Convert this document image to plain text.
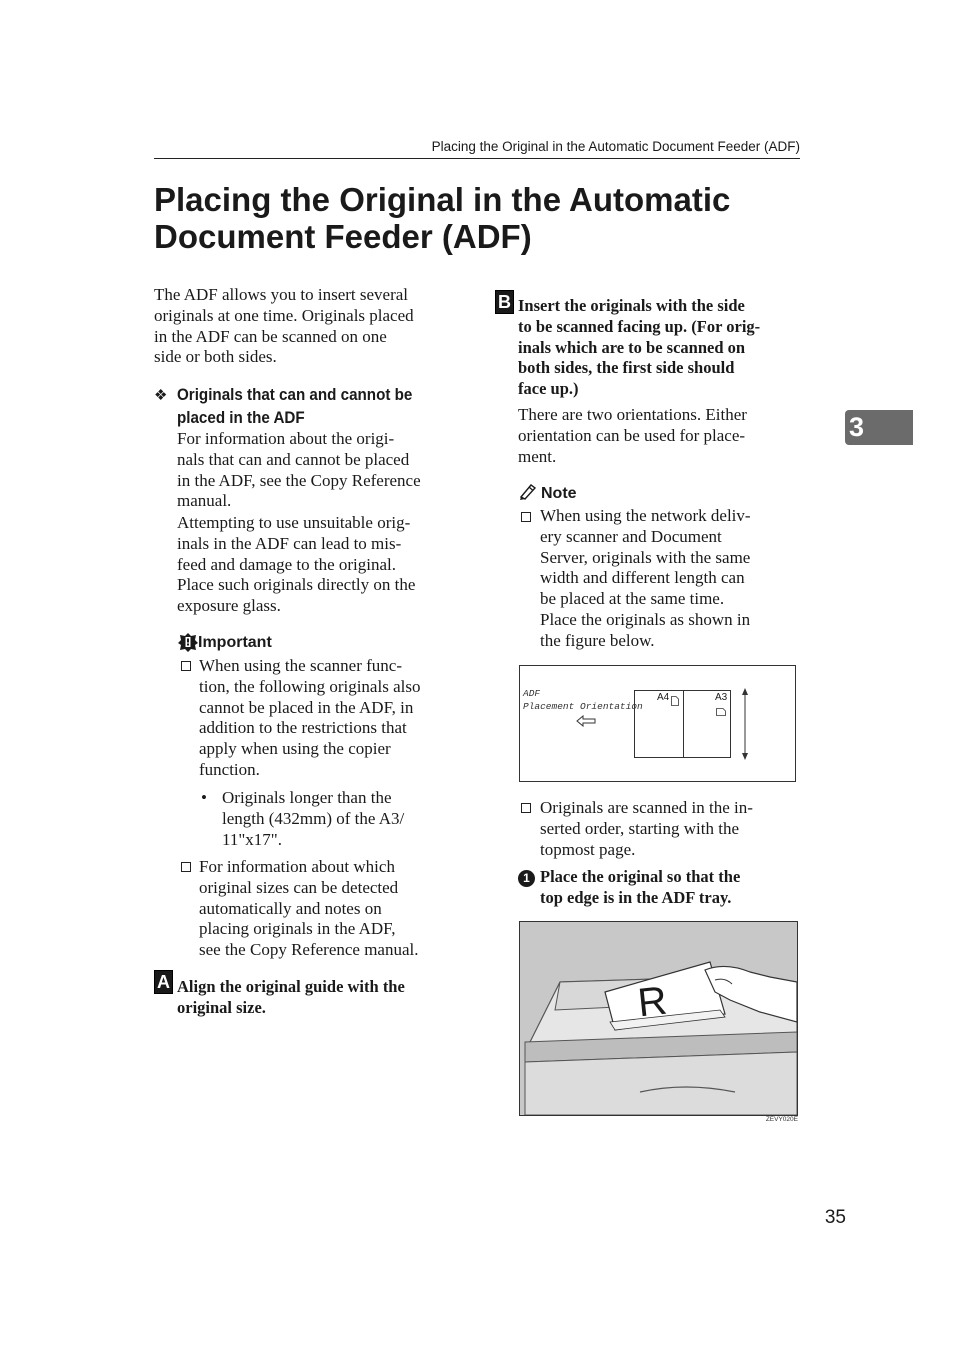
Placing the Original in the Automatic Document Feeder (ADF)
Placing the Original in the Automatic
Document Feeder (ADF)
The ADF allows you to insert several
originals at one time. Originals placed
in the ADF can be scanned on one
side or both sides.
❖ Originals that can and cannot be
placed in the ADF
For information about the origi-
nals that can and cannot be placed
in the ADF, see the Copy Reference
manual.
Attempting to use unsuitable orig-
inals in the ADF can lead to mis-
feed and damage to the original.
Place such originals directly on the
exposure glass.
Important
When using the scanner func-
tion, the following originals also
cannot be placed in the ADF, in
addition to the restrictions that
apply when using the copier
function.
• Originals longer than the
length (432mm) of the A3/
11"x17".
For information about which
original sizes can be detected
automatically and notes on
placing originals in the ADF,
see the Copy Reference manual.
A Align the original guide with the
original size.
B Insert the originals with the side
to be scanned facing up. (For orig-
inals which are to be scanned on
both sides, the first side should
face up.)
There are two orientations. Either
orientation can be used for place-
ment.
Note
When using the network deliv-
ery scanner and Document
Server, originals with the same
width and different length can
be placed at the same time.
Place the originals as shown in
the figure below.
ADF
Placement Orientation
A4	A3
Originals are scanned in the in-
serted order, starting with the
topmost page.
1 Place the original so that the
top edge is in the ADF tray.
R
ZEVY020E
3
35
